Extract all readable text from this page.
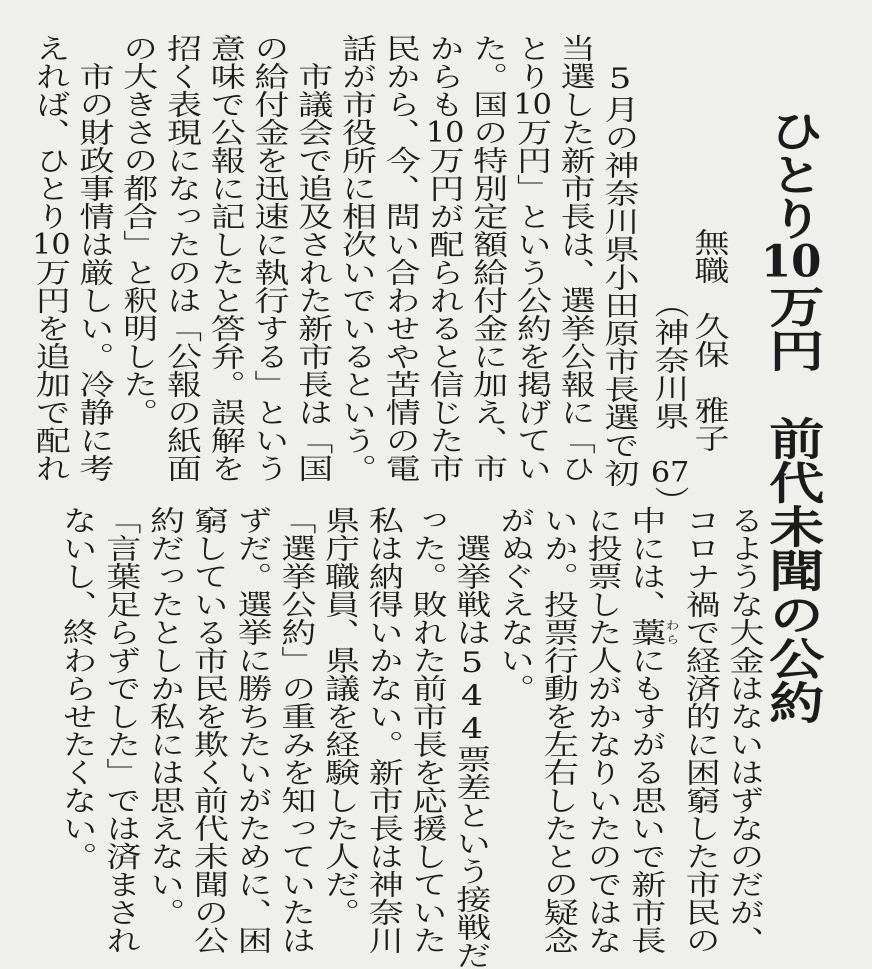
ひとり10万円　前代未聞の公約
無職　久保　雅子
（神奈川県　67）
　5月の神奈川県小田原市長選で初
当選した新市長は、選挙公報に「ひ
とり10万円」という公約を掲げてい
た。国の特別定額給付金に加え、市
からも10万円が配られると信じた市
民から、今、問い合わせや苦情の電
話が市役所に相次いでいるという。
　市議会で追及された新市長は「国
の給付金を迅速に執行する」という
意味で公報に記したと答弁。誤解を
招く表現になったのは「公報の紙面
の大きさの都合」と釈明した。
　市の財政事情は厳しい。冷静に考
えれば、ひとり10万円を追加で配れ
るような大金はないはずなのだが、
コロナ禍で経済的に困窮した市民の
中には、藁わらにもすがる思いで新市長
に投票した人がかなりいたのではな
いか。投票行動を左右したとの疑念
がぬぐえない。
　選挙戦は544票差という接戦だ
った。敗れた前市長を応援していた
私は納得いかない。新市長は神奈川
県庁職員、県議を経験した人だ。
「選挙公約」の重みを知っていたは
ずだ。選挙に勝ちたいがために、困
窮している市民を欺く前代未聞の公
約だったとしか私には思えない。
「言葉足らずでした」では済まされ
ないし、終わらせたくない。
